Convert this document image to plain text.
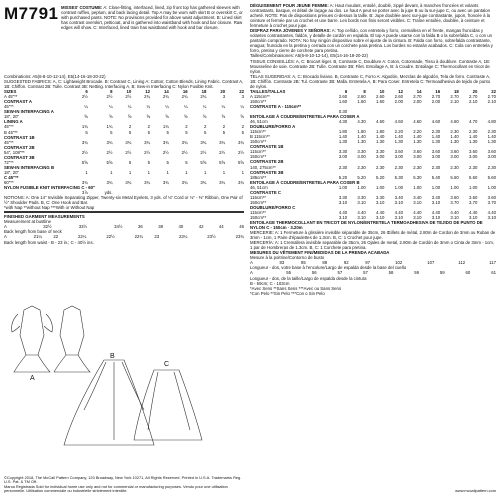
M7791 MISSES' COSTUME: A: Close-fitting, interfaced, lined, zip front top has gathered sleeves with contrast ruffles, peplum, and back lacing detail. Top A may be worn with skirt B or overskirt C, or with purchased pants. NOTE: No provisions provided for above waist adjustment. B: Lined skirt has contrast overskirt, petticoat, and is gathered into waistband with hook and bar closure. Raw edges will show. C: Interfaced, lined train has waistband with hook and bar closure.
Combinations: A5(6-8-10-12-14), E5(14-16-18-20-22)
SUGGESTED FABRICS: A, C: Lightweight Brocade. B: Contrast C, Lining A: Cotton; Cotton Blends, Lining Fabric. Contrast A, 1B: Chiffon. Contrast 2B: Tulle. Contrast 3B: Netting. Interfacing A, B: Sew-in Interfacing C: Nylon Fusible Knit.
SIZES	6	8	10	12	14	16	18	20	22
A 45"**	2½	2½	2½	2¾	2¾	2¾	2¾	3	3
CONTRAST A									
45"**	¼	¼	¼	¼	¼	¼	¼	¼	¼
SEW-IN INTERFACING A									
18", 20"	⅝	⅝	⅝	⅝	⅝	⅝	⅝	⅝	⅝
LINING A									
45"**	1¾	1¾	2	2	1¾	2	2	2	2
B 45"**	5	5	5	5	5	5	5	5	5
CONTRAST 1B									
45"**	3¾	3¾	3¾	3¾	3¾	3¾	3¾	3¾	3¾
CONTRAST 2B									
54", 108"**	2½	2½	2½	2½	2½	2½	2½	2½	2½
CONTRAST 3B									
72"**	5⅝	5⅝	5	5	5	5	5⅝	5⅝	5⅝
SEW-IN INTERFACING B									
18", 20"	1	1	1	1	1	1	1	1	1
C 45"**									
60"**	3¾	3¾	3¾	3¾	3¾	3¾	3¾	3¾	3¾
NYLON FUSIBLE KNIT INTERFACING C - 60"									
	3⅞	yds.							
NOTIONS: A: One 14" Invisible Separating Zipper, Twenty-six Metal Eyelets, 3 yds. of ⅛" Cord or ⅛" - ⅜" Ribbon, One Pair of ½" Shoulder Pads. B, C: One Hook and Bar.
*with Nap **without Nap ***With or Without Nap
FINISHED GARMENT MEASUREMENTS
Measurement at bustline
A	32½	33½	34½	36	38	40	42	44	46
Back length from base of neck
A	21¼	22	22¼	22½	22¾	23	23¼	23½	23¾
Back length from waist - B - 23 in.; C - 40½ ins.
A
B
C
©Copyright 2018, The McCall Pattern Company, 120 Broadway, New York 10271, All Rights Reserved. Printed in U.S.A. Trademarks Reg. U.S. Pat. & TM Off.
Marca Registrada Sold for individual home use only and not for commercial or manufacturing purposes. Vendu pour une utilisation personnelle. Utilisation commerciale ou industrielle strictement interdite.
DÉGUISEMENT POUR JEUNE FEMME: A: Haut moulant, entoilé, doublé, zippé devant, à manches froncées et volants contrastants, basque, et détail de laçage au dos. Le haut A peut se porter avec la jupe B ou la sur-jupe C, ou avec un pantalon acheté. NOTE: Pas de dispositions prévues ci-dessus la taille. B: Jupe doublée avec sur-jupe contrastante, jupon, froncée à la ceinture et fermée par un crochet et une barre. Les bords non finis seront visibles. C: Traîne entoilée, doublée, à ceinture et fermeture à crochet pour jupe.
DISFRAZ PARA JÓVENES Y SEÑORAS: A: Top ceñido, con entretela y forro, cremallera en el frente, mangas fruncidas y volantes contrastantes, faldón, y detalle de cordón en espalda. El top A puede usarse con la falda B o la sobrefalda C, o con un pantalón comprado. NOTA: No hay ningún dispositivo sobre el ajuste de la cintura. B: Falda con forro, sobrefalda contrastante, enagua; fruncida en la pretina y cerrada con un corchete para pretina. Los bordes no estarán acabados. C: Cola con entretela y forro, pretina y cierre de corchete para pretina.
Tailles/Combinaisones: A5(6-8-10-12-14), E5(14-16-18-20-22)
TISSUS CONSEILLÉS: A, C: Brocart léger. B, Contraste C, Doublure A: Coton, Cotonnade, Tissu à doublure. Contraste A, 1B: Mousseline de soie. Contraste 2B: Tulle. Contraste 3B: Filet. Entoilage A, B: à Coudre. Entoilage C: Thermocollant en tricot de nylon.
TELAS SUGERIDAS: A, C: Brocado liviano. B, Contraste C, Forro A: Algodón, Mezclas de algodón, Tela de forro. Contraste A, 1B: Chiffón. Contraste 2B: Tul. Contraste 3B: Malla. Entretela A, B: Para Coser. Entretela C: Termoadhesiva de tejido de punto de nylon.
TAILLES/TALLAS	6	8	10	12	14	16	18	20	22
A 115cm**	2.60	2.60	2.60	2.60	2.70	2.70	2.70	2.70	2.70
150cm**	1.60	1.60	1.60	2.00	2.00	2.00	2.10	2.10	2.10
CONTRASTE A - 115cm**									
	0.30								
ENTOILAGE À COUDRE/ENTRETELA PARA COSER A									
46, 51cm	4.30	4.30	4.60	4.60	4.60	4.60	4.60	4.70	4.80
DOUBLURE/FORRO A									
115cm**	1.80	1.80	1.80	2.20	2.20	2.30	2.30	2.30	2.30
B 115cm**	1.40	1.40	1.40	1.40	1.40	1.40	1.40	1.40	1.40
150cm**	1.30	1.30	1.30	1.30	1.30	1.30	1.30	1.30	1.30
CONTRASTE 1B									
115cm**	3.30	3.30	3.30	3.50	3.60	3.60	3.60	3.60	3.60
150cm**	3.00	3.00	3.00	3.00	3.00	3.00	3.00	3.00	3.00
CONTRASTE 2B									
140, 275cm**	2.30	2.30	2.30	2.30	2.30	2.30	2.30	2.30	2.30
CONTRASTE 3B									
185cm**	5.20	5.20	5.20	5.30	5.30	5.40	5.60	5.60	5.60
ENTOILAGE À COUDRE/ENTRETELA PARA COSER B									
46, 51cm	1.00	1.00	1.00	1.00	1.00	1.00	1.00	1.00	1.00
CONTRASTE C									
115cm**	3.30	3.30	3.30	3.40	3.40	3.40	3.60	3.60	3.60
150cm**	3.10	3.10	3.10	3.10	3.10	3.10	3.70	3.70	3.70
DOUBLURE/FORRO C									
115cm**	4.40	4.40	4.40	4.40	4.40	4.40	4.40	4.40	4.40
150cm**	3.10	3.10	3.10	3.10	3.10	3.10	3.10	3.10	3.10
ENTOILAGE THERMOCOLLANT EN TRICOT DE NYLON/ENTRETELA TERMOADHESIVA DE TEJIDO DE PUNTO DE NYLON C - 150cm · 3.20m
MERCERIE: A: 1 Fermeture à glissière invisible séparable de 35cm, 26 Œillets de métal, 2.80m de Cordon de 3mm ou Ruban de 3mm - 1cm, 1 Paire d'épaulettes de 1.3cm. B, C: 1 Crochet pour jupe.
MERCERÍA: A: 1 Cremallera invisible separable de 35cm, 26 Ojales de metal, 2.80m de Cordón de 3mm o Cinta de 3mm - 1cm, 1 par de Hombreras de 1.3cm. B, C: 1 Corchete para pretina.
MESURES DU VÊTEMENT FINI/MEDIDAS DE LA PRENDA ACABADA
Mesure à la poitrine/Contorno de busto
A	83	85	88	92	97	102	107	112	117
Longueur - dos, votre base à l'encolure/Largo de espalda desde la base del cuello
A	55	56	57	57	58	59	59	60	61
Longueur - dos, de la taille/Largo de espalda desde la cintura
B - 59cm; C - 103cm
*Avec Sens **Sans Sens ***Avec ou Sans Sens
*Con Pelo **Sin Pelo ***Con o Sin Pelo
www.mccallpattern.com
